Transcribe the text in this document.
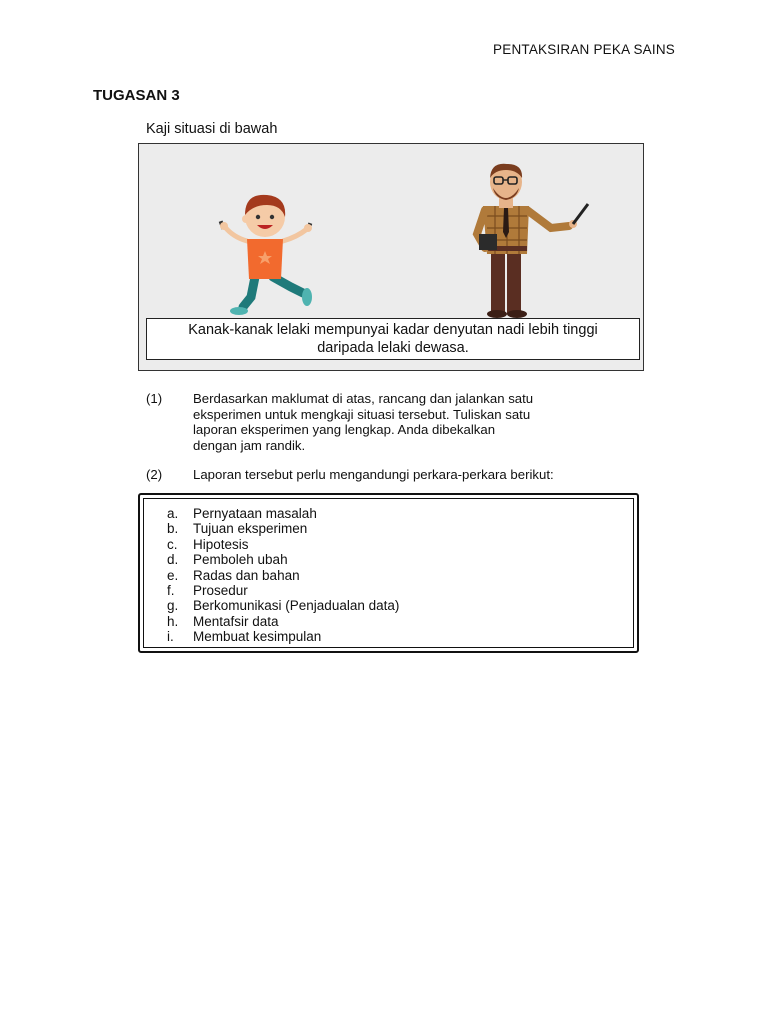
PENTAKSIRAN PEKA SAINS
TUGASAN 3
Kaji situasi di bawah
Kanak-kanak lelaki mempunyai kadar denyutan nadi lebih tinggi
daripada lelaki dewasa.
(1) Berdasarkan maklumat di atas, rancang dan jalankan satu
eksperimen untuk mengkaji situasi tersebut. Tuliskan satu
laporan eksperimen yang lengkap. Anda dibekalkan
dengan jam randik.
(2) Laporan tersebut perlu mengandungi perkara-perkara berikut:
a.	Pernyataan masalah
b.	Tujuan eksperimen
c.	Hipotesis
d.	Pemboleh ubah
e.	Radas dan bahan
f.	Prosedur
g.	Berkomunikasi (Penjadualan data)
h.	Mentafsir data
i.	Membuat kesimpulan
